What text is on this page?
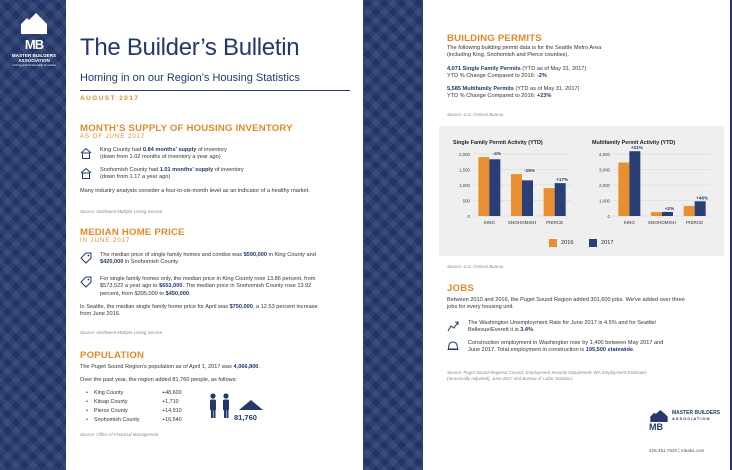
MB
MASTER BUILDERS
ASSOCIATION
of King and Snohomish Counties
The Builder’s Bulletin
Homing in on our Region’s Housing Statistics
AUGUST 2017
MONTH’S SUPPLY OF HOUSING INVENTORY
AS OF JUNE 2017
King County had 0.84 months’ supply of inventory
(down from 1.02 months of inventory a year ago)
Snohomish County had 1.01 months’ supply of inventory
(down from 1.17 a year ago)
Many industry analysts consider a four-to-six-month level as an indicator of a healthy market.
Source: Northwest Multiple Listing Service
MEDIAN HOME PRICE
IN JUNE 2017
The median price of single family homes and condos was $590,000 in King County and
$420,000 in Snohomish County.
For single family homes only, the median price in King County rose 13.86 percent, from
$573,522 a year ago to $653,000. The median price in Snohomish County rose 13.92
percent, from $395,000 to $450,000.
In Seattle, the median single family home price for April was $750,000, a 12.53 percent increase
from June 2016.
Source: Northwest Multiple Listing Service
POPULATION
The Puget Sound Region’s population as of April 1, 2017 was 4,066,800.
Over the past year, the region added 81,760 people, as follows:
• King County	+48,600
• Kitsap County	+1,710
• Pierce County	+14,910
• Snohomish County	+16,540	81,760
Source: Office of Financial Management
BUILDING PERMITS
The following building permit data is for the Seattle Metro Area
(including King, Snohomish and Pierce counties).
4,071 Single Family Permits (YTD as of May 31, 2017)
YTD % Change Compared to 2016: -2%
5,585 Multifamily Permits (YTD as of May 31, 2017)
YTD % Change Compared to 2016: +23%
Source: U.S. Census Bureau
Single Family Permit Activity (YTD)	Multifamily Permit Activity (YTD)
0
500
1,000
1,500
2,000	-4%
KING
-15%
SNOHOMISH
+17%
PIERCE
0
1,000
2,000
3,000
4,000
+21%
KING
+2%
SNOHOMISH
+46%
PIERCE
2016	2017
Source: U.S. Census Bureau
JOBS
Between 2010 and 2016, the Puget Sound Region added 301,600 jobs. We’ve added over three
jobs for every housing unit.
The Washington Unemployment Rate for June 2017 is 4.5% and for Seattle/
Bellevue/Everett it is 3.4%.
Construction employment in Washington rose by 1,400 between May 2017 and
June 2017. Total employment in construction is 195,500 statewide.
Source: Puget Sound Regional Council, Employment Security Department: WA Employment Estimates
(Seasonally Adjusted), June 2017 and Bureau of Labor Statistics.
MASTER BUILDERS
ASSOCIATION
MB
425.451.7920 | mbaks.com
